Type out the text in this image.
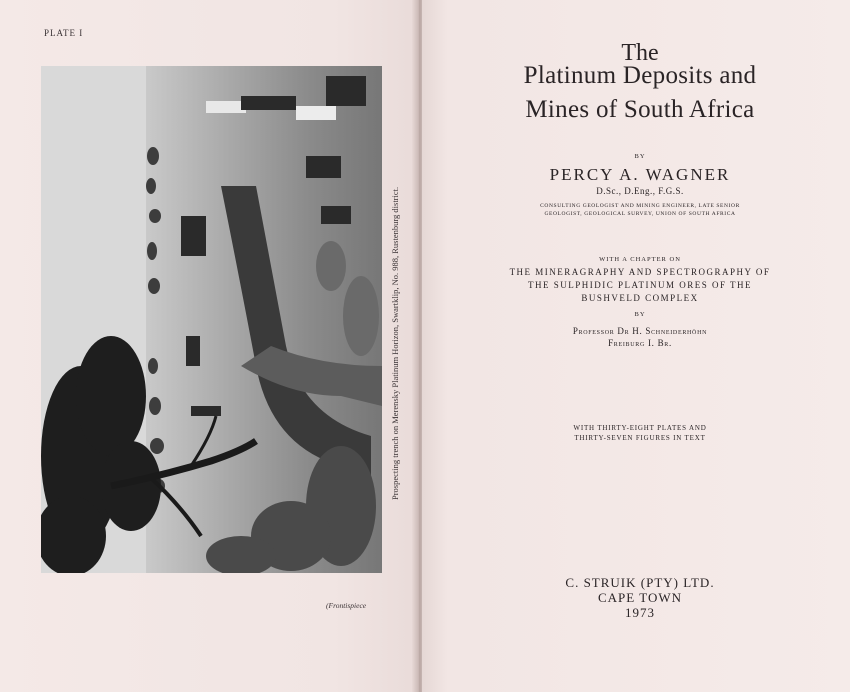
PLATE I
Prospecting trench on Merensky Platinum Horizon, Swartklip, No. 988, Rustenburg district.
(Frontispiece
The
Platinum Deposits and
Mines of South Africa
BY
PERCY A. WAGNER
D.Sc., D.Eng., F.G.S.
CONSULTING GEOLOGIST AND MINING ENGINEER, LATE SENIOR
GEOLOGIST, GEOLOGICAL SURVEY, UNION OF SOUTH AFRICA
WITH A CHAPTER ON
THE MINERAGRAPHY AND SPECTROGRAPHY OF
THE SULPHIDIC PLATINUM ORES OF THE
BUSHVELD COMPLEX
BY
Professor Dr H. Schneiderhöhn
Freiburg I. Br.
WITH THIRTY-EIGHT PLATES AND
THIRTY-SEVEN FIGURES IN TEXT
C. STRUIK (PTY) LTD.
CAPE TOWN
1973
